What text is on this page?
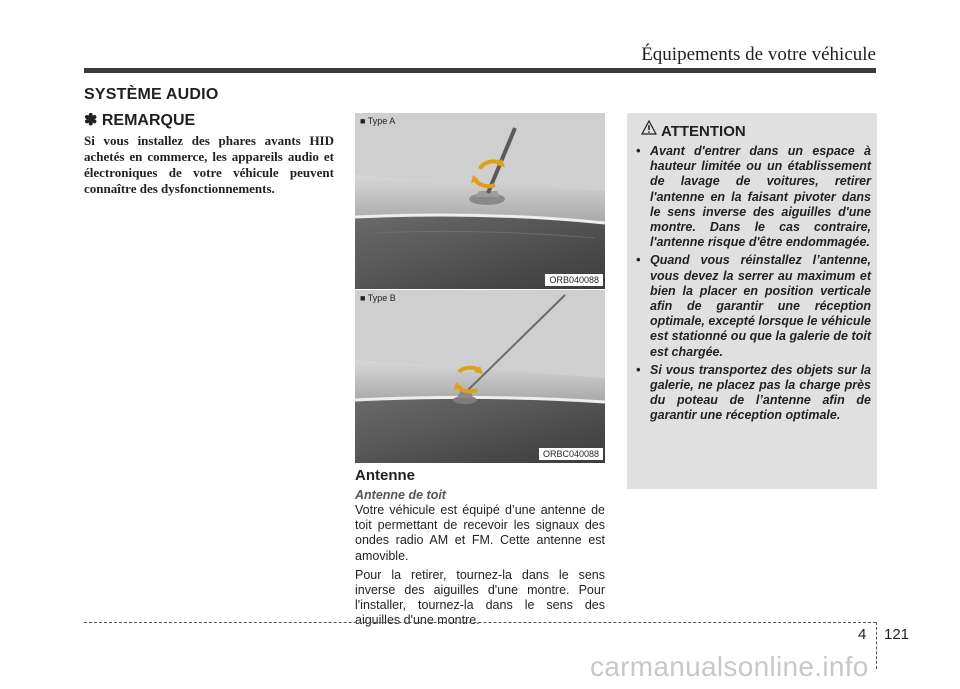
Équipements de votre véhicule
SYSTÈME AUDIO
✽ REMARQUE
Si vous installez des phares avants HID achetés en commerce, les appareils audio et électroniques de votre véhicule peuvent connaître des dysfonctionnements.
■ Type A
ORB040088
■ Type B
ORBC040088
Antenne
Antenne de toit

Votre véhicule est équipé d’une antenne de toit permettant de recevoir les signaux des ondes radio AM et FM. Cette antenne est amovible.

Pour la retirer, tournez-la dans le sens inverse des aiguilles d'une montre. Pour l'installer, tournez-la dans le sens des aiguilles d'une montre.

ATTENTION
• Avant d'entrer dans un espace à hauteur limitée ou un établissement de lavage de voitures, retirer l'antenne en la faisant pivoter dans le sens inverse des aiguilles d'une montre. Dans le cas contraire, l'antenne risque d'être endommagée.
• Quand vous réinstallez l’antenne, vous devez la serrer au maximum et bien la placer en position verticale afin de garantir une réception optimale, excepté lorsque le véhicule est stationné ou que la galerie de toit est chargée.
• Si vous transportez des objets sur la galerie, ne placez pas la charge près du poteau de l’antenne afin de garantir une réception optimale.
4 121
carmanualsonline.info
